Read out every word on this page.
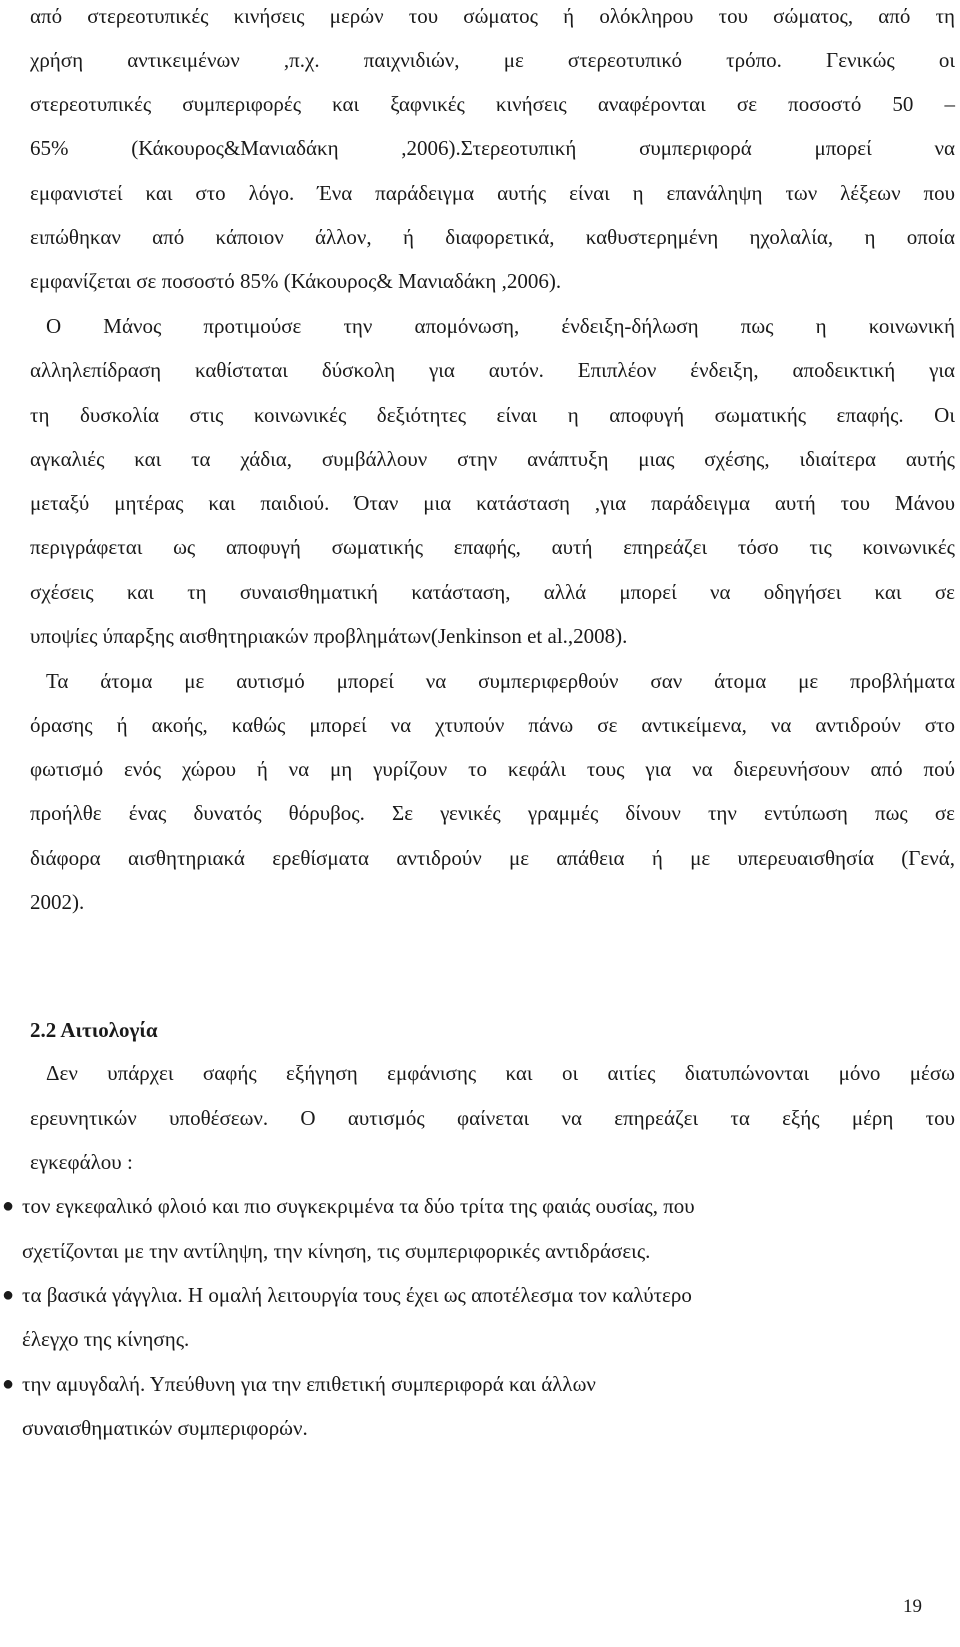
από στερεοτυπικές κινήσεις μερών του σώματος ή ολόκληρου του σώματος, από τη
χρήση αντικειμένων ,π.χ. παιχνιδιών, με στερεοτυπικό τρόπο. Γενικώς οι
στερεοτυπικές συμπεριφορές και ξαφνικές κινήσεις αναφέρονται σε ποσοστό 50 –
65% (Κάκουρος&Μανιαδάκη ,2006).Στερεοτυπική συμπεριφορά μπορεί να
εμφανιστεί και στο λόγο. Ένα παράδειγμα αυτής είναι η επανάληψη των λέξεων που
ειπώθηκαν από κάποιον άλλον, ή διαφορετικά, καθυστερημένη ηχολαλία, η οποία
εμφανίζεται σε ποσοστό 85% (Κάκουρος& Μανιαδάκη ,2006).
Ο Μάνος προτιμούσε την απομόνωση, ένδειξη-δήλωση πως η κοινωνική
αλληλεπίδραση καθίσταται δύσκολη για αυτόν. Επιπλέον ένδειξη, αποδεικτική για
τη δυσκολία στις κοινωνικές δεξιότητες είναι η αποφυγή σωματικής επαφής. Οι
αγκαλιές και τα χάδια, συμβάλλουν στην ανάπτυξη μιας σχέσης, ιδιαίτερα αυτής
μεταξύ μητέρας και παιδιού. Όταν μια κατάσταση ,για παράδειγμα αυτή του Μάνου
περιγράφεται ως αποφυγή σωματικής επαφής, αυτή επηρεάζει τόσο τις κοινωνικές
σχέσεις και τη συναισθηματική κατάσταση, αλλά μπορεί να οδηγήσει και σε
υποψίες ύπαρξης αισθητηριακών προβλημάτων(Jenkinson et al.,2008).
Τα άτομα με αυτισμό μπορεί να συμπεριφερθούν σαν άτομα με προβλήματα
όρασης ή ακοής, καθώς μπορεί να χτυπούν πάνω σε αντικείμενα, να αντιδρούν στο
φωτισμό ενός χώρου ή να μη γυρίζουν το κεφάλι τους για να διερευνήσουν από πού
προήλθε ένας δυνατός θόρυβος. Σε γενικές γραμμές δίνουν την εντύπωση πως σε
διάφορα αισθητηριακά ερεθίσματα αντιδρούν με απάθεια ή με υπερευαισθησία (Γενά,
2002).
2.2 Αιτιολογία
Δεν υπάρχει σαφής εξήγηση εμφάνισης και οι αιτίες διατυπώνονται μόνο μέσω
ερευνητικών υποθέσεων. Ο αυτισμός φαίνεται να επηρεάζει τα εξής μέρη του
εγκεφάλου :
● τον εγκεφαλικό φλοιό και πιο συγκεκριμένα τα δύο τρίτα της φαιάς ουσίας, που
σχετίζονται με την αντίληψη, την κίνηση, τις συμπεριφορικές αντιδράσεις.
● τα βασικά γάγγλια. Η ομαλή λειτουργία τους έχει ως αποτέλεσμα τον καλύτερο
έλεγχο της κίνησης.
● την αμυγδαλή. Υπεύθυνη για την επιθετική συμπεριφορά και άλλων
συναισθηματικών συμπεριφορών.
19
